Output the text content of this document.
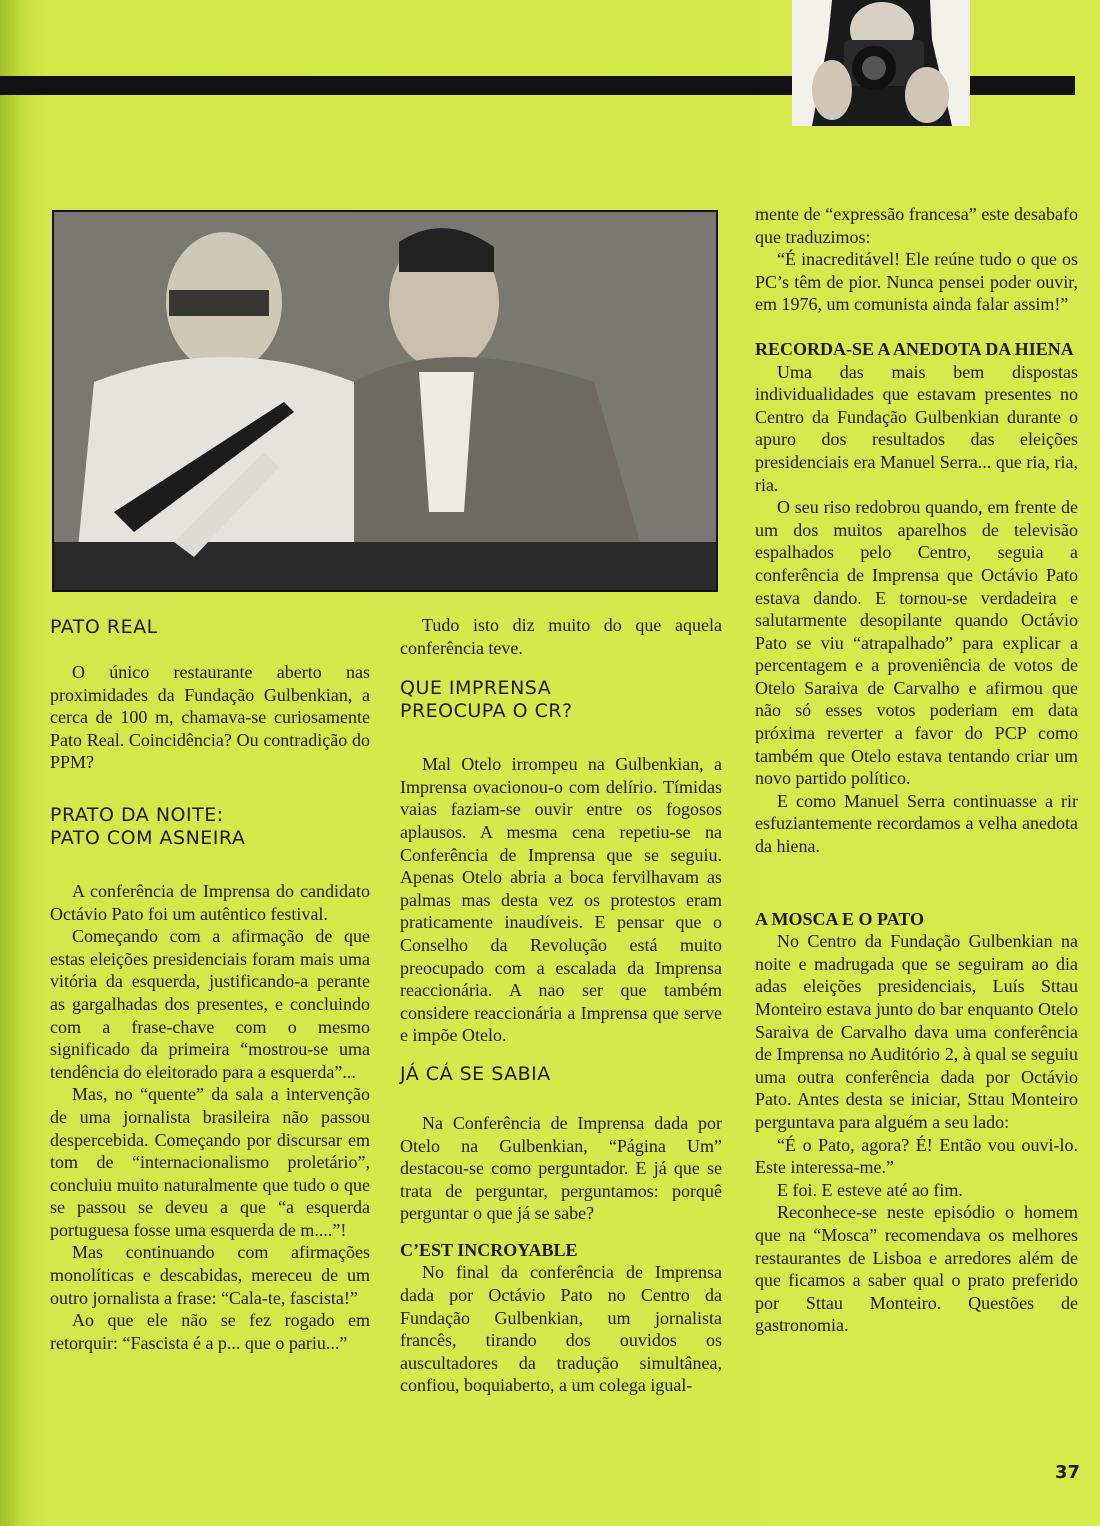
PATO REAL

O único restaurante aberto nas proximidades da Fundação Gulbenkian, a cerca de 100 m, chamava-se curiosamente Pato Real. Coincidência? Ou contradição do PPM?

PRATO DA NOITE:
PATO COM ASNEIRA

A conferência de Imprensa do candidato Octávio Pato foi um autêntico festival.

Começando com a afirmação de que estas eleições presidenciais foram mais uma vitória da esquerda, justificando-a perante as gargalhadas dos presentes, e concluindo com a frase-chave com o mesmo significado da primeira “mostrou-se uma tendência do eleitorado para a esquerda”...

Mas, no “quente” da sala a intervenção de uma jornalista brasileira não passou despercebida. Começando por discursar em tom de “internacionalismo proletário”, concluiu muito naturalmente que tudo o que se passou se deveu a que “a esquerda portuguesa fosse uma esquerda de m....”!

Mas continuando com afirmações monolíticas e descabidas, mereceu de um outro jornalista a frase: “Cala-te, fascista!”

Ao que ele não se fez rogado em retorquir: “Fascista é a p... que o pariu...”

Tudo isto diz muito do que aquela conferência teve.

QUE IMPRENSA
PREOCUPA O CR?

Mal Otelo irrompeu na Gulbenkian, a Imprensa ovacionou-o com delírio. Tímidas vaias faziam-se ouvir entre os fogosos aplausos. A mesma cena repetiu-se na Conferência de Imprensa que se seguiu. Apenas Otelo abria a boca fervilhavam as palmas mas desta vez os protestos eram praticamente inaudíveis. E pensar que o Conselho da Revolução está muito preocupado com a escalada da Imprensa reaccionária. A nao ser que também considere reaccionária a Imprensa que serve e impõe Otelo.

JÁ CÁ SE SABIA

Na Conferência de Imprensa dada por Otelo na Gulbenkian, “Página Um” destacou-se como perguntador. E já que se trata de perguntar, perguntamos: porquê perguntar o que já se sabe?

C’EST INCROYABLE

No final da conferência de Imprensa dada por Octávio Pato no Centro da Fundação Gulbenkian, um jornalista francês, tirando dos ouvidos os auscultadores da tradução simultânea, confiou, boquiaberto, a um colega igual-

mente de “expressão francesa” este desabafo que traduzimos:

“É inacreditável! Ele reúne tudo o que os PC’s têm de pior. Nunca pensei poder ouvir, em 1976, um comunista ainda falar assim!”

RECORDA-SE A ANEDOTA DA HIENA

Uma das mais bem dispostas individualidades que estavam presentes no Centro da Fundação Gulbenkian durante o apuro dos resultados das eleições presidenciais era Manuel Serra... que ria, ria, ria.

O seu riso redobrou quando, em frente de um dos muitos aparelhos de televisão espalhados pelo Centro, seguia a conferência de Imprensa que Octávio Pato estava dando. E tornou-se verdadeira e salutarmente desopilante quando Octávio Pato se viu “atrapalhado” para explicar a percentagem e a proveniência de votos de Otelo Saraiva de Carvalho e afirmou que não só esses votos poderiam em data próxima reverter a favor do PCP como também que Otelo estava tentando criar um novo partido político.

E como Manuel Serra continuasse a rir esfuziantemente recordamos a velha anedota da hiena.

A MOSCA E O PATO

No Centro da Fundação Gulbenkian na noite e madrugada que se seguiram ao dia adas eleições presidenciais, Luís Sttau Monteiro estava junto do bar enquanto Otelo Saraiva de Carvalho dava uma conferência de Imprensa no Auditório 2, à qual se seguiu uma outra conferência dada por Octávio Pato. Antes desta se iniciar, Sttau Monteiro perguntava para alguém a seu lado:

“É o Pato, agora? É! Então vou ouvi-lo. Este interessa-me.”

E foi. E esteve até ao fim.

Reconhece-se neste episódio o homem que na “Mosca” recomendava os melhores restaurantes de Lisboa e arredores além de que ficamos a saber qual o prato preferido por Sttau Monteiro. Questões de gastronomia.

37
